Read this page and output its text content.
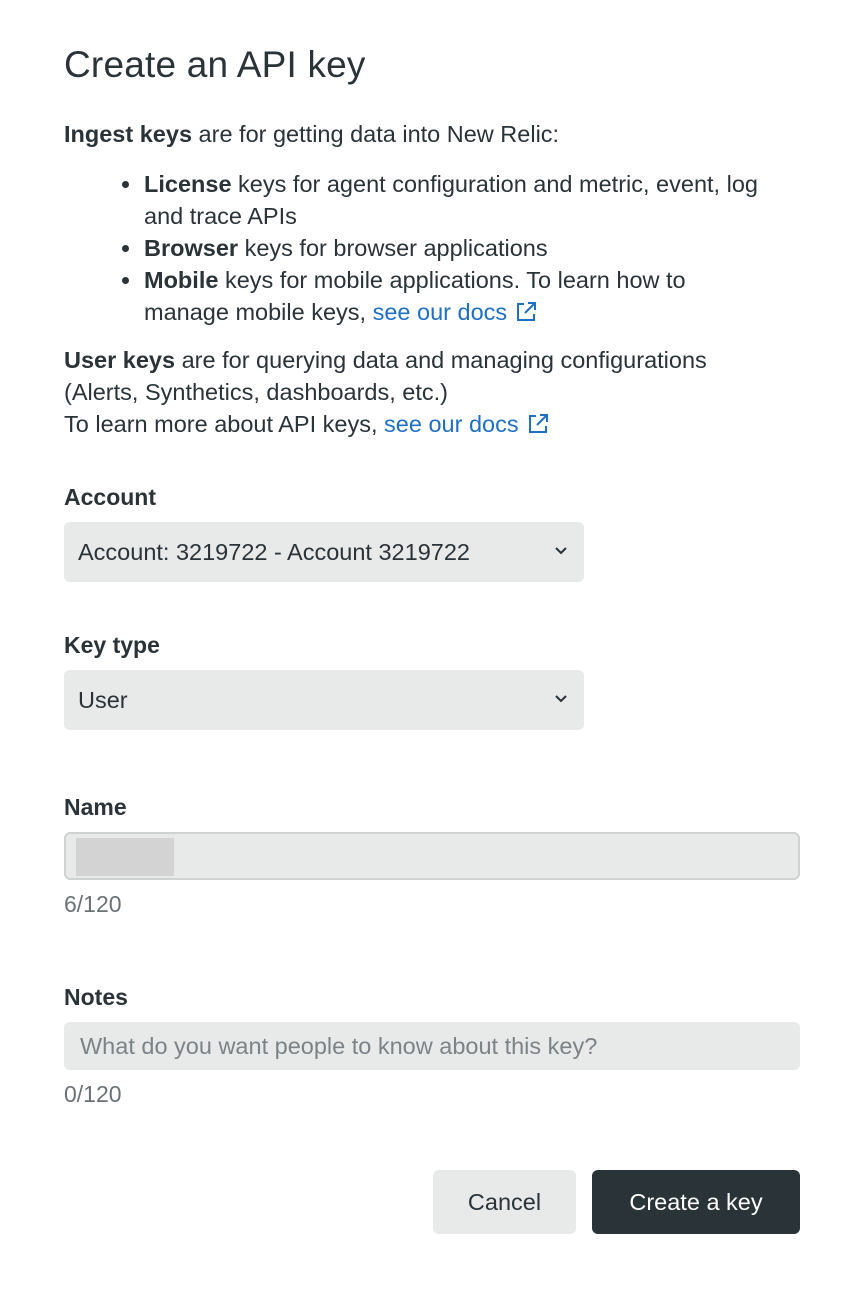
Create an API key
Ingest keys are for getting data into New Relic:
License keys for agent configuration and metric, event, log and trace APIs
Browser keys for browser applications
Mobile keys for mobile applications. To learn how to manage mobile keys, see our docs
User keys are for querying data and managing configurations (Alerts, Synthetics, dashboards, etc.)
To learn more about API keys, see our docs
Account
Account: 3219722 - Account 3219722
Key type
User
Name
6/120
Notes
What do you want people to know about this key?
0/120
Cancel	Create a key
